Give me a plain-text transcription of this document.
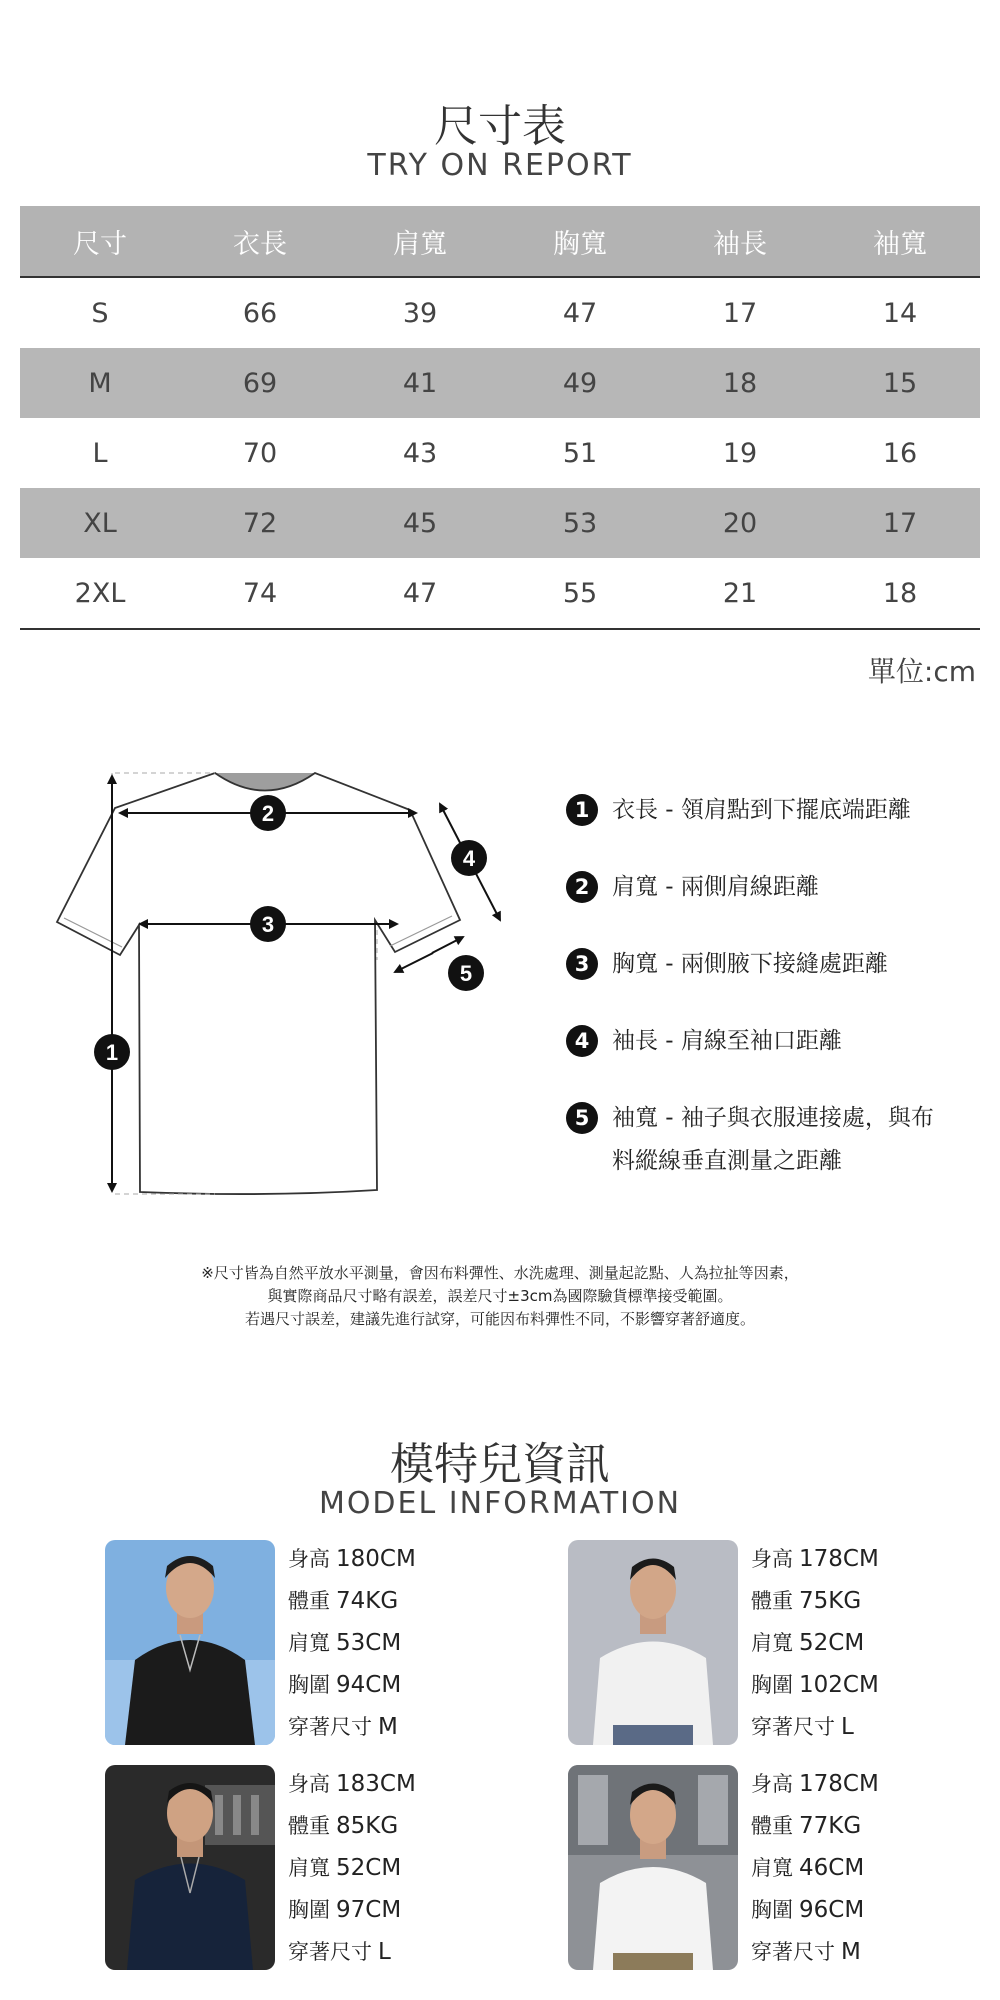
尺寸表
TRY ON REPORT
尺寸	衣長	肩寬	胸寬	袖長	袖寬
S	66	39	47	17	14
M	69	41	49	18	15
L	70	43	51	19	16
XL	72	45	53	20	17
2XL	74	47	55	21	18
單位:cm
2
3
1
4
5
1 衣長 - 領肩點到下擺底端距離
2 肩寬 - 兩側肩線距離
3 胸寬 - 兩側腋下接縫處距離
4 袖長 - 肩線至袖口距離
5 袖寬 - 袖子與衣服連接處，與布料縱線垂直測量之距離
※尺寸皆為自然平放水平測量，會因布料彈性、水洗處理、測量起訖點、人為拉扯等因素，
與實際商品尺寸略有誤差，誤差尺寸±3cm為國際驗貨標準接受範圍。
若遇尺寸誤差，建議先進行試穿，可能因布料彈性不同，不影響穿著舒適度。
模特兒資訊
MODEL INFORMATION
身高 180CM
體重 74KG
肩寬 53CM
胸圍 94CM
穿著尺寸 M
身高 178CM
體重 75KG
肩寬 52CM
胸圍 102CM
穿著尺寸 L
身高 183CM
體重 85KG
肩寬 52CM
胸圍 97CM
穿著尺寸 L
身高 178CM
體重 77KG
肩寬 46CM
胸圍 96CM
穿著尺寸 M
